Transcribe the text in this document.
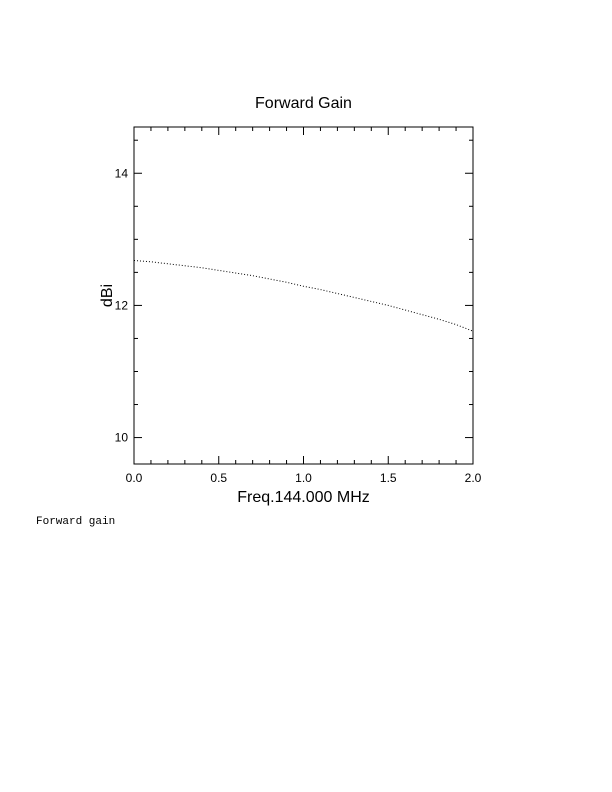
Forward Gain
0.0	0.5	1.0	1.5	2.0
10
12
14
Freq.144.000 MHz
dBi
Forward gain
